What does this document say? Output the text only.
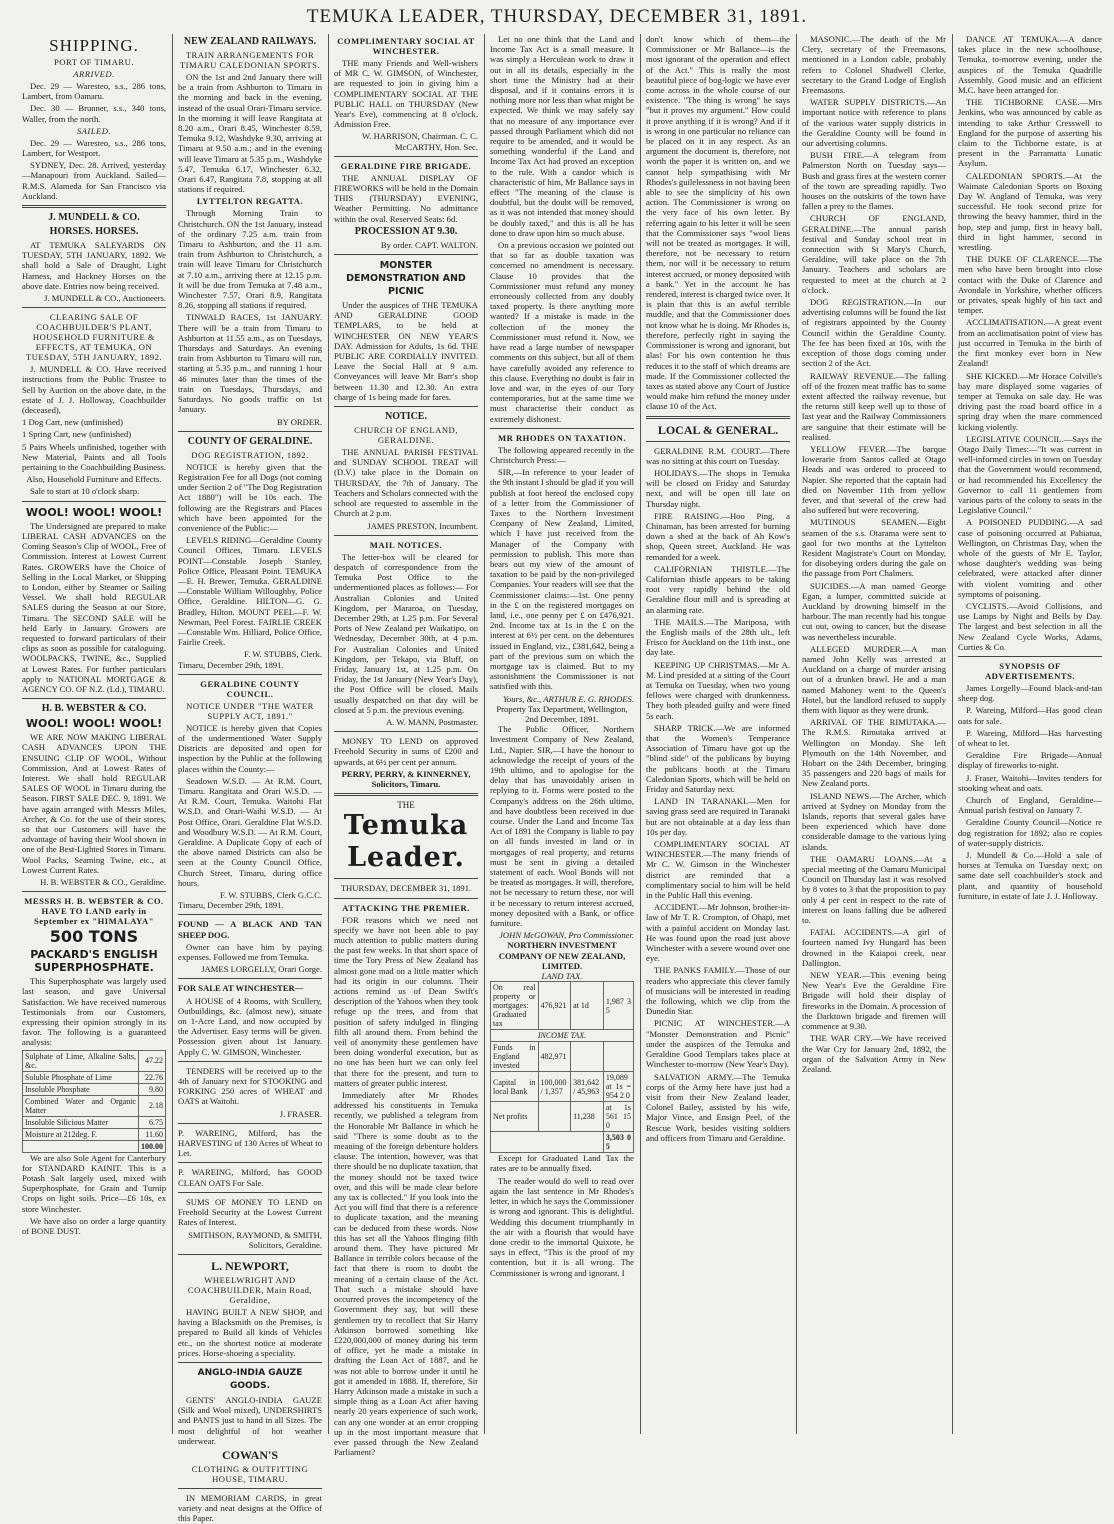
TEMUKA LEADER, THURSDAY, DECEMBER 31, 1891.
SHIPPING.
PORT OF TIMARU.
ARRIVED.

Dec. 29 — Waresteo, s.s., 286 tons, Lambert, from Oamaru.

Dec. 30 — Brunner, s.s., 340 tons, Waller, from the north.

SAILED.

Dec. 29 — Waresteo, s.s., 286 tons, Lambert, for Westport.

SYDNEY, Dec. 28. Arrived, yesterday—Manapouri from Auckland. Sailed—R.M.S. Alameda for San Francisco via Auckland.

J. MUNDELL & CO.
HORSES. HORSES.

AT TEMUKA SALEYARDS ON TUESDAY, 5TH JANUARY, 1892. We shall hold a Sale of Draught, Light Harness, and Hackney Horses on the above date. Entries now being received.

J. MUNDELL & CO., Auctioneers.
CLEARING SALE OF COACHBUILDER'S PLANT, HOUSEHOLD FURNITURE & EFFECTS, AT TEMUKA, ON TUESDAY, 5TH JANUARY, 1892.

J. MUNDELL & CO. Have received instructions from the Public Trustee to Sell by Auction on the above date, in the estate of J. J. Holloway, Coachbuilder (deceased),

1 Dog Cart, new (unfinished)

1 Spring Cart, new (unfinished)

5 Pairs Wheels unfinished, together with New Material, Paints and all Tools pertaining to the Coachbuilding Business.

Also, Household Furniture and Effects.

Sale to start at 10 o'clock sharp.

WOOL! WOOL! WOOL!

The Undersigned are prepared to make LIBERAL CASH ADVANCES on the Coming Season's Clip of WOOL, Free of Commission. Interest at Lowest Current Rates. GROWERS have the Choice of Selling in the Local Market, or Shipping to London, either by Steamer or Sailing Vessel. We shall hold REGULAR SALES during the Season at our Store, Timaru. The SECOND SALE will be held Early in January. Growers are requested to forward particulars of their clips as soon as possible for cataloguing. WOOLPACKS, TWINE, &c., Supplied at Lowest Rates. For further particulars apply to NATIONAL MORTGAGE & AGENCY CO. OF N.Z. (Ld.), TIMARU.

H. B. WEBSTER & CO.
WOOL! WOOL! WOOL!

WE ARE NOW MAKING LIBERAL CASH ADVANCES UPON THE ENSUING CLIP OF WOOL, Without Commission, And at Lowest Rates of Interest. We shall hold REGULAR SALES OF WOOL in Timaru during the Season. FIRST SALE DEC. 9, 1891. We have again arranged with Messrs Miles, Archer, & Co. for the use of their stores, so that our Customers will have the advantage of having their Wool shown in one of the Best-Lighted Stores in Timaru. Wool Packs, Seaming Twine, etc., at Lowest Current Rates.

H. B. WEBSTER & CO., Geraldine.
MESSRS H. B. WEBSTER & CO. HAVE TO LAND early in September ex "HIMALAYA"
500 TONS
PACKARD'S ENGLISH SUPERPHOSPHATE.

This Superphosphate was largely used last season, and gave Universal Satisfaction. We have received numerous Testimonials from our Customers, expressing their opinion strongly in its favor. The following is a guaranteed analysis:

Sulphate of Lime, Alkaline Salts, &c.	47.22
Soluble Phosphate of Lime	22.76
Insoluble Phosphate	9.80
Combined Water and Organic Matter	2.18
Insoluble Silicious Matter	6.75
Moisture at 212deg. F.	11.60
	100.00

We are also Sole Agent for Canterbury for STANDARD KAINIT. This is a Potash Salt largely used, mixed with Superphosphate, for Grain and Turnip Crops on light soils. Price—£6 10s, ex store Winchester.

We have also on order a large quantity of BONE DUST.

NEW ZEALAND RAILWAYS.
TRAIN ARRANGEMENTS FOR TIMARU CALEDONIAN SPORTS.

ON the 1st and 2nd January there will be a train from Ashburton to Timaru in the morning and back in the evening, instead of the usual Orari-Timaru service. In the morning it will leave Rangitata at 8.20 a.m., Orari 8.45, Winchester 8.59, Temuka 9.12, Washdyke 9.30, arriving at Timaru at 9.50 a.m.; and in the evening will leave Timaru at 5.35 p.m., Washdyke 5.47, Temuka 6.17, Winchester 6.32, Orari 6.47, Rangitata 7.8, stopping at all stations if required.

LYTTELTON REGATTA.

Through Morning Train to Christchurch. ON the 1st January, instead of the ordinary 7.25 a.m. train from Timaru to Ashburton, and the 11 a.m. train from Ashburton to Christchurch, a train will leave Timaru for Christchurch at 7.10 a.m., arriving there at 12.15 p.m. It will be due from Temuka at 7.48 a.m., Winchester 7.57, Orari 8.9, Rangitata 8.26, stopping all stations if required.

TINWALD RACES, 1st JANUARY. There will be a train from Timaru to Ashburton at 11.55 a.m., as on Tuesdays, Thursdays and Saturdays. An evening train from Ashburton to Timaru will run, starting at 5.35 p.m., and running 1 hour 46 minutes later than the times of the train on Tuesdays, Thursdays, and Saturdays. No goods traffic on 1st January.

BY ORDER.
COUNTY OF GERALDINE.
DOG REGISTRATION, 1892.

NOTICE is hereby given that the Registration Fee for all Dogs (not coming under Section 2 of "The Dog Registration Act 1880") will be 10s each. The following are the Registrars and Places which have been appointed for the convenience of the Public:—

LEVELS RIDING—Geraldine County Council Offices, Timaru. LEVELS POINT—Constable Joseph Stanley, Police Office, Pleasant Point. TEMUKA—E. H. Brewer, Temuka. GERALDINE—Constable William Willoughby, Police Office, Geraldine. HILTON—G. G. Bradley, Hilton. MOUNT PEEL—F. W. Newman, Peel Forest. FAIRLIE CREEK—Constable Wm. Hilliard, Police Office, Fairlie Creek.

F. W. STUBBS, Clerk.
Timaru, December 29th, 1891.
GERALDINE COUNTY COUNCIL.
NOTICE UNDER "THE WATER SUPPLY ACT, 1891."

NOTICE is hereby given that Copies of the undermentioned Water Supply Districts are deposited and open for inspection by the Public at the following places within the County:—

Seadown W.S.D. — At R.M. Court, Timaru. Rangitata and Orari W.S.D. — At R.M. Court, Temuka. Waitohi Flat W.S.D. and Orari-Waihi W.S.D. — At Post Office, Orari. Geraldine Flat W.S.D. and Woodbury W.S.D. — At R.M. Court, Geraldine. A Duplicate Copy of each of the above named Districts can also be seen at the County Council Office, Church Street, Timaru, during office hours.

F. W. STUBBS, Clerk G.C.C.
Timaru, December 29th, 1891.

FOUND — A BLACK AND TAN SHEEP DOG.

Owner can have him by paying expenses. Followed me from Temuka.

JAMES LORGELLY, Orari Gorge.

FOR SALE AT WINCHESTER—

A HOUSE of 4 Rooms, with Scullery, Outbuildings, &c. (almost new), situate on 1-Acre Land, and now occupied by the Advertiser. Easy terms will be given. Possession given about 1st January. Apply C. W. GIMSON, Winchester.

TENDERS will be received up to the 4th of January next for STOOKING and FORKING 250 acres of WHEAT and OATS at Waitohi.

J. FRASER.

P. WAREING, Milford, has the HARVESTING of 130 Acres of Wheat to Let.

P. WAREING, Milford, has GOOD CLEAN OATS For Sale.

SUMS OF MONEY TO LEND on Freehold Security at the Lowest Current Rates of Interest.

SMITHSON, RAYMOND, & SMITH, Solicitors, Geraldine.
L. NEWPORT,
WHEELWRIGHT AND COACHBUILDER, Main Road, Geraldine,

HAVING BUILT A NEW SHOP, and having a Blacksmith on the Premises, is prepared to Build all kinds of Vehicles etc., on the shortest notice at moderate prices. Horse-shoeing a speciality.

ANGLO-INDIA GAUZE GOODS.

GENTS' ANGLO-INDIA GAUZE (Silk and Wool mixed), UNDERSHIRTS and PANTS just to hand in all Sizes. The most delightful of hot weather underwear.

COWAN'S
CLOTHING & OUTFITTING HOUSE, TIMARU.

IN MEMORIAM CARDS, in great variety and neat designs at the Office of this Paper.

COMPLIMENTARY SOCIAL AT WINCHESTER.

THE many Friends and Well-wishers of MR C. W. GIMSON, of Winchester, are requested to join in giving him a COMPLIMENTARY SOCIAL AT THE PUBLIC HALL on THURSDAY (New Year's Eve), commencing at 8 o'clock. Admission Free.

W. HARRISON, Chairman. C. C. McCARTHY, Hon. Sec.
GERALDINE FIRE BRIGADE.

THE ANNUAL DISPLAY OF FIREWORKS will be held in the Domain THIS (THURSDAY) EVENING, Weather Permitting. No admittance within the oval. Reserved Seats: 6d.

PROCESSION AT 9.30.
By order. CAPT. WALTON.
MONSTER DEMONSTRATION AND PICNIC

Under the auspices of THE TEMUKA AND GERALDINE GOOD TEMPLARS, to be held at WINCHESTER ON NEW YEAR'S DAY. Admission for Adults, 1s 6d. THE PUBLIC ARE CORDIALLY INVITED. Leave the Social Hall at 9 a.m. Conveyances will leave Mr Barr's shop between 11.30 and 12.30. An extra charge of 1s being made for fares.

NOTICE.
CHURCH OF ENGLAND, GERALDINE.

THE ANNUAL PARISH FESTIVAL and SUNDAY SCHOOL TREAT will (D.V.) take place in the Domain on THURSDAY, the 7th of January. The Teachers and Scholars connected with the school are requested to assemble in the Church at 2 p.m.

JAMES PRESTON, Incumbent.
MAIL NOTICES.

The letter-box will be cleared for despatch of correspondence from the Temuka Post Office to the undermentioned places as follows:— For Australian Colonies and United Kingdom, per Mararoa, on Tuesday, December 29th, at 1.25 p.m. For Several Ports of New Zealand per Waikatipo, on Wednesday, December 30th, at 4 p.m. For Australian Colonies and United Kingdom, per Tekapo, via Bluff, on Friday, January 1st, at 1.25 p.m. On Friday, the 1st January (New Year's Day), the Post Office will be closed. Mails usually despatched on that day will be closed at 5 p.m. the previous evening.

A. W. MANN, Postmaster.

MONEY TO LEND on approved Freehold Security in sums of £200 and upwards, at 6½ per cent per annum.

PERRY, PERRY, & KINNERNEY, Solicitors, Timaru.
THE
Temuka Leader.
THURSDAY, DECEMBER 31, 1891.
ATTACKING THE PREMIER.

FOR reasons which we need not specify we have not been able to pay much attention to public matters during the past few weeks. In that short space of time the Tory Press of New Zealand has almost gone mad on a little matter which had its origin in our columns. Their actions remind us of Dean Swift's description of the Yahoos when they took refuge up the trees, and from that position of safety indulged in flinging filth all around them. From behind the veil of anonymity these gentlemen have been doing wonderful execution, but as no one has been hurt we can only feel that there for the present, and turn to matters of greater public interest.

Immediately after Mr Rhodes addressed his constituents in Temuka recently, we published a telegram from the Honorable Mr Ballance in which he said "There is some doubt as to the meaning of the foreign debenture holders clause. The intention, however, was that there should be no duplicate taxation, that the money should not be taxed twice over, and this will be made clear before any tax is collected." If you look into the Act you will find that there is a reference to duplicate taxation, and the meaning can be deduced from these words. Now this has set all the Yahoos flinging filth around them. They have pictured Mr Ballance in terrible colors because of the fact that there is room to doubt the meaning of a certain clause of the Act. That such a mistake should have occurred proves the incompetency of the Government they say, but will these gentlemen try to recollect that Sir Harry Atkinson borrowed something like £220,000,000 of money during his term of office, yet he made a mistake in drafting the Loan Act of 1887, and he was not able to borrow under it until he got it amended in 1888. If, therefore, Sir Harry Atkinson made a mistake in such a simple thing as a Loan Act after having nearly 20 years experience of such work, can any one wonder at an error cropping up in the most important measure that ever passed through the New Zealand Parliament?

Let no one think that the Land and Income Tax Act is a small measure. It was simply a Herculean work to draw it out in all its details, especially in the short time the Ministry had at their disposal, and if it contains errors it is nothing more nor less than what might be expected. We think we may safely say that no measure of any importance ever passed through Parliament which did not require to be amended, and it would be something wonderful if the Land and Income Tax Act had proved an exception to the rule. With a candor which is characteristic of him, Mr Ballance says in effect "The meaning of the clause is doubtful, but the doubt will be removed, as it was not intended that money should be doubly taxed," and this is all he has done to draw upon him so much abuse.

On a previous occasion we pointed out that so far as double taxation was concerned no amendment is necessary. Clause 10 provides that the Commissioner must refund any money erroneously collected from any doubly taxed property. Is there anything more wanted? If a mistake is made in the collection of the money the Commissioner must refund it. Now, we have read a large number of newspaper comments on this subject, but all of them have carefully avoided any reference to this clause. Everything no doubt is fair in love and war, in the eyes of our Tory contemporaries, but at the same time we must characterise their conduct as extremely dishonest.

MR RHODES ON TAXATION.

The following appeared recently in the Christchurch Press:—

SIR,—In reference to your leader of the 9th instant I should be glad if you will publish at foot hereof the enclosed copy of a letter from the Commissioner of Taxes to the Northern Investment Company of New Zealand, Limited, which I have just received from the Manager of the Company with permission to publish. This more than bears out my view of the amount of taxation to be paid by the non-privileged Companies. Your readers will see that the Commissioner claims:—1st. One penny in the £ on the registered mortgages on land, i.e., one penny per £ on £476,921. 2nd. Income tax at 1s in the £ on the interest at 6½ per cent. on the debentures issued in England, viz., £381,642, being a part of the previous sum on which the mortgage tax is claimed. But to my astonishment the Commissioner is not satisfied with this.

Yours, &c., ARTHUR E. G. RHODES.
Property Tax Department, Wellington, 2nd December, 1891.

The Public Officer, Northern Investment Company of New Zealand, Ltd., Napier. SIR,—I have the honour to acknowledge the receipt of yours of the 19th ultimo, and to apologise for the delay that has unavoidably arisen in replying to it. Forms were posted to the Company's address on the 26th ultimo, and have doubtless been received in due course. Under the Land and Income Tax Act of 1891 the Company is liable to pay on all funds invested in land or in mortgages of real property, and returns must be sent in giving a detailed statement of each. Wool Bonds will not be treated as mortgages. It will, therefore, not be necessary to return these, nor will it be necessary to return interest accrued, money deposited with a Bank, or office furniture.

JOHN McGOWAN, Pro Commissioner.
NORTHERN INVESTMENT COMPANY OF NEW ZEALAND, LIMITED.
LAND TAX.
On real property or mortgages: Graduated tax	476,921	at 1d	1,987 3 5
INCOME TAX.			
Funds in England invested	482,971		
Capital in local Bank	100,000 / 1,357	381,642 / 45,963	19,089 at 1s = 954 2 0
Net profits		11,238	at 1s 561 15 0
			3,503 0 5

Except for Graduated Land Tax the rates are to be annually fixed.

The reader would do well to read over again the last sentence in Mr Rhodes's letter, in which he says the Commissioner is wrong and ignorant. This is delightful. Wedding this document triumphantly in the air with a flourish that would have done credit to the immortal Quixote, he says in effect, "This is the proof of my contention, but it is all wrong. The Commissioner is wrong and ignorant. I

don't know which of them—the Commissioner or Mr Ballance—is the most ignorant of the operation and effect of the Act." This is really the most beautiful piece of bog-logic we have ever come across in the whole course of our existence. "The thing is wrong" he says "but it proves my argument." How could it prove anything if it is wrong? And if it is wrong in one particular no reliance can be placed on it in any respect. As an argument the document is, therefore, not worth the paper it is written on, and we cannot help sympathising with Mr Rhodes's guilelessness in not having been able to see the simplicity of his own action. The Commissioner is wrong on the very face of his own letter. By referring again to his letter it will be seen that the Commissioner says "wool liens will not be treated as mortgages. It will, therefore, not be necessary to return them, nor will it be necessary to return interest accrued, or money deposited with a bank." Yet in the account he has rendered, interest is charged twice over. It is plain that this is an awful terrible muddle, and that the Commissioner does not know what he is doing. Mr Rhodes is, therefore, perfectly right in saying the Commissioner is wrong and ignorant, but alas! For his own contention he thus reduces it to the staff of which dreams are made. If the Commissioner collected the taxes as stated above any Court of Justice would make him refund the money under clause 10 of the Act.

LOCAL & GENERAL.

GERALDINE R.M. COURT.—There was no sitting at this court on Tuesday.

HOLIDAYS.—The shops in Temuka will be closed on Friday and Saturday next, and will be open till late on Thursday night.

FIRE RAISING.—Hoo Ping, a Chinaman, has been arrested for burning down a shed at the back of Ah Kow's shop, Queen street, Auckland. He was remanded for a week.

CALIFORNIAN THISTLE.—The Californian thistle appears to be taking root very rapidly behind the old Geraldine flour mill and is spreading at an alarming rate.

THE MAILS.—The Mariposa, with the English mails of the 28th ult., left Frisco for Auckland on the 11th inst., one day late.

KEEPING UP CHRISTMAS.—Mr A. M. Lind presided at a sitting of the Court at Temuka on Tuesday, when two young fellows were charged with drunkenness. They both pleaded guilty and were fined 5s each.

SHARP TRICK.—We are informed that the Women's Temperance Association of Timaru have got up the "blind side" of the publicans by buying the publicans booth at the Timaru Caledonian Sports, which will be held on Friday and Saturday next.

LAND IN TARANAKI.—Men for saving grass seed are required in Taranaki but are not obtainable at a day less than 10s per day.

COMPLIMENTARY SOCIAL AT WINCHESTER.—The many friends of Mr C. W. Gimson in the Winchester district are reminded that a complimentary social to him will be held in the Public Hall this evening.

ACCIDENT.—Mr Johnson, brother-in-law of Mr T. R. Crompton, of Ohapi, met with a painful accident on Monday last. He was found upon the road just above Winchester with a severe wound over one eye.

THE PANKS FAMILY.—Those of our readers who appreciate this clever family of musicians will be interested in reading the following, which we clip from the Dunedin Star.

PICNIC AT WINCHESTER.—A "Monster Demonstration and Picnic" under the auspices of the Temuka and Geraldine Good Templars takes place at Winchester to-morrow (New Year's Day).

SALVATION ARMY.—The Temuka corps of the Army here have just had a visit from their New Zealand leader, Colonel Bailey, assisted by his wife, Major Vince, and Ensign Peel, of the Rescue Work, besides visiting soldiers and officers from Timaru and Geraldine.

MASONIC.—The death of the Mr Clery, secretary of the Freemasons, mentioned in a London cable, probably refers to Colonel Shadwell Clerke, secretary to the Grand Lodge of English Freemasons.

WATER SUPPLY DISTRICTS.—An important notice with reference to plans of the various water supply districts in the Geraldine County will be found in our advertising columns.

BUSH FIRE.—A telegram from Palmerston North on Tuesday says—Bush and grass fires at the western corner of the town are spreading rapidly. Two houses on the outskirts of the town have fallen a prey to the flames.

CHURCH OF ENGLAND, GERALDINE.—The annual parish festival and Sunday school treat in connection with St Mary's Church, Geraldine, will take place on the 7th January. Teachers and scholars are requested to meet at the church at 2 o'clock.

DOG REGISTRATION.—In our advertising columns will be found the list of registrars appointed by the County Council within the Geraldine County. The fee has been fixed at 10s, with the exception of those dogs coming under section 2 of the Act.

RAILWAY REVENUE.—The falling off of the frozen meat traffic has to some extent affected the railway revenue, but the returns still keep well up to those of last year and the Railway Commissioners are sanguine that their estimate will be realised.

YELLOW FEVER.—The barque Iowerarie from Santos called at Otago Heads and was ordered to proceed to Napier. She reported that the captain had died on November 11th from yellow fever, and that several of the crew had also suffered but were recovering.

MUTINOUS SEAMEN.—Eight seamen of the s.s. Otarama were sent to gaol for two months at the Lyttelton Resident Magistrate's Court on Monday, for disobeying orders during the gale on the passage from Port Chalmers.

SUICIDES.—A man named George Egan, a lumper, committed suicide at Auckland by drowning himself in the harbour. The man recently had his tongue cut out, owing to cancer, but the disease was nevertheless incurable.

ALLEGED MURDER.—A man named John Kelly was arrested at Auckland on a charge of murder arising out of a drunken brawl. He and a man named Mahoney went to the Queen's Hotel, but the landlord refused to supply them with liquor as they were drunk.

ARRIVAL OF THE RIMUTAKA.—The R.M.S. Rimutaka arrived at Wellington on Monday. She left Plymouth on the 14th November, and Hobart on the 24th December, bringing 35 passengers and 220 bags of mails for New Zealand ports.

ISLAND NEWS.—The Archer, which arrived at Sydney on Monday from the Islands, reports that several gales have been experienced which have done considerable damage to the various lying islands.

THE OAMARU LOANS.—At a special meeting of the Oamaru Municipal Council on Thursday last it was resolved by 8 votes to 3 that the proposition to pay only 4 per cent in respect to the rate of interest on loans falling due be adhered to.

FATAL ACCIDENTS.—A girl of fourteen named Ivy Hungard has been drowned in the Kaiapoi creek, near Dallington.

NEW YEAR.—This evening being New Year's Eve the Geraldine Fire Brigade will hold their display of fireworks in the Domain. A procession of the Darktown brigade and firemen will commence at 9.30.

THE WAR CRY.—We have received the War Cry for January 2nd, 1892, the organ of the Salvation Army in New Zealand.

DANCE AT TEMUKA.—A dance takes place in the new schoolhouse, Temuka, to-morrow evening, under the auspices of the Temuka Quadrille Assembly. Good music and an efficient M.C. have been arranged for.

THE TICHBORNE CASE.—Mrs Jenkins, who was announced by cable as intending to take Arthur Cresswell to England for the purpose of asserting his claim to the Tichborne estate, is at present in the Parramatta Lunatic Asylum.

CALEDONIAN SPORTS.—At the Waimate Caledonian Sports on Boxing Day W. Angland of Temuka, was very successful. He took second prize for throwing the heavy hammer, third in the hop, step and jump, first in heavy ball, third in light hammer, second in wrestling.

THE DUKE OF CLARENCE.—The men who have been brought into close contact with the Duke of Clarence and Avondale in Yorkshire, whether officers or privates, speak highly of his tact and temper.

ACCLIMATISATION.—A great event from an acclimatisation point of view has just occurred in Temuka in the birth of the first monkey ever born in New Zealand!

SHE KICKED.—Mr Horace Colville's bay mare displayed some vagaries of temper at Temuka on sale day. He was driving past the road board office in a spring dray when the mare commenced kicking violently.

LEGISLATIVE COUNCIL.—Says the Otago Daily Times:—"It was current in well-informed circles in town on Tuesday that the Government would recommend, or had recommended his Excellency the Governor to call 11 gentlemen from various parts of the colony to seats in the Legislative Council."

A POISONED PUDDING.—A sad case of poisoning occurred at Pahiatua, Wellington, on Christmas Day, when the whole of the guests of Mr E. Taylor, whose daughter's wedding was being celebrated, were attacked after dinner with violent vomiting and other symptoms of poisoning.

CYCLISTS.—Avoid Collisions, and use Lamps by Night and Bells by Day. The largest and best selection in all the New Zealand Cycle Works, Adams, Curties & Co.

SYNOPSIS OF ADVERTISEMENTS.

James Lorgelly—Found black-and-tan sheep dog.

P. Wareing, Milford—Has good clean oats for sale.

P. Wareing, Milford—Has harvesting of wheat to let.

Geraldine Fire Brigade—Annual display of fireworks to-night.

J. Fraser, Waitohi—Invites tenders for stooking wheat and oats.

Church of England, Geraldine—Annual parish festival on January 7.

Geraldine County Council—Notice re dog registration for 1892; also re copies of water-supply districts.

J. Mundell & Co.—Hold a sale of horses at Temuka on Tuesday next; on same date sell coachbuilder's stock and plant, and quantity of household furniture, in estate of late J. J. Holloway.
